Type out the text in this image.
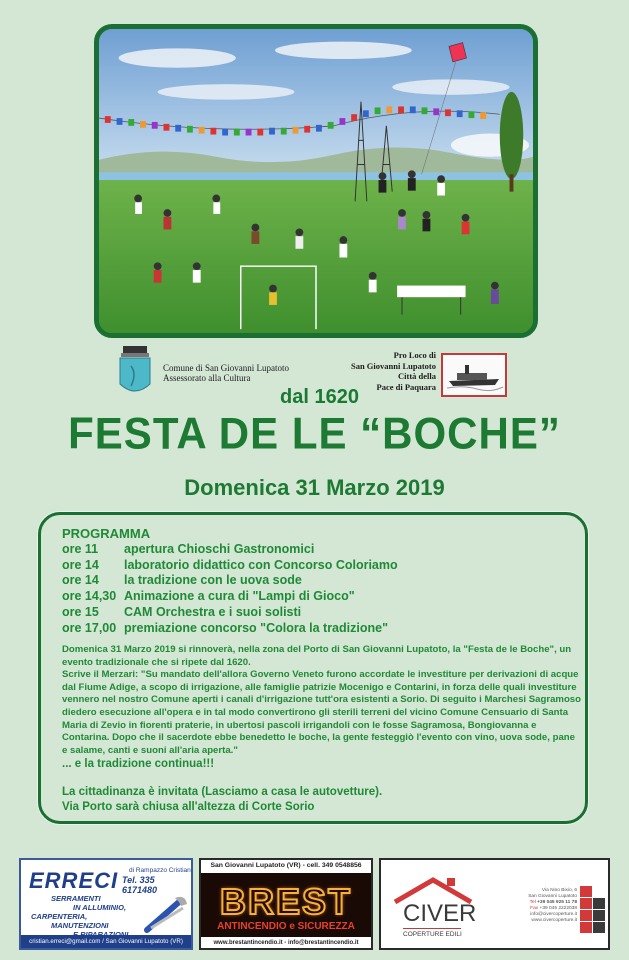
Comune di San Giovanni Lupatoto
Assessorato alla Cultura
Pro Loco di
San Giovanni Lupatoto
Città della
Pace di Paquara
dal 1620
FESTA DE LE “BOCHE”
Domenica 31 Marzo 2019
PROGRAMMA
ore 11	apertura Chioschi Gastronomici
ore 14	laboratorio didattico con Concorso Coloriamo
ore 14	la tradizione con le uova sode
ore 14,30 Animazione a cura di "Lampi di Gioco"
ore 15	CAM Orchestra e i suoi solisti
ore 17,00 premiazione concorso "Colora la tradizione"

Domenica 31 Marzo 2019 si rinnoverà, nella zona del Porto di San Giovanni Lupatoto, la "Festa de le Boche", un evento tradizionale che si ripete dal 1620.

Scrive il Merzari: "Su mandato dell'allora Governo Veneto furono accordate le investiture per derivazioni di acque dal Fiume Adige, a scopo di irrigazione, alle famiglie patrizie Mocenigo e Contarini, in forza delle quali investiture vennero nel nostro Comune aperti i canali d'irrigazione tutt'ora esistenti a Sorio. Di seguito i Marchesi Sagramoso diedero esecuzione all'opera e in tal modo convertirono gli sterili terreni del vicino Comune Censuario di Santa Maria di Zevio in fiorenti praterie, in ubertosi pascoli irrigandoli con le fosse Sagramosa, Bongiovanna e Contarina. Dopo che il sacerdote ebbe benedetto le boche, la gente festeggiò l'evento con vino, uova sode, pane e salame, canti e suoni all'aria aperta."

... e la tradizione continua!!!

La cittadinanza è invitata (Lasciamo a casa le autovetture).
Via Porto sarà chiusa all'altezza di Corte Sorio
ERRECI di Rampazzo Cristian
Tel. 335 6171480
SERRAMENTI
IN ALLUMINIO,
CARPENTERIA,
MANUTENZIONI
cristian.erreci@gmail.com / San Giovanni Lupatoto (VR)
San Giovanni Lupatoto (VR) - cell. 349 0548856
BREST
ANTINCENDIO e SICUREZZA
www.brestantincendio.it - info@brestantincendio.it
CIVER
COPERTURE EDILI
Via Nino Bixio, 6
San Giovanni Lupatoto
Tel +39 045 925 11 78
Fax +39 045 2222038
info@civercoperture.it
www.civercoperture.it
